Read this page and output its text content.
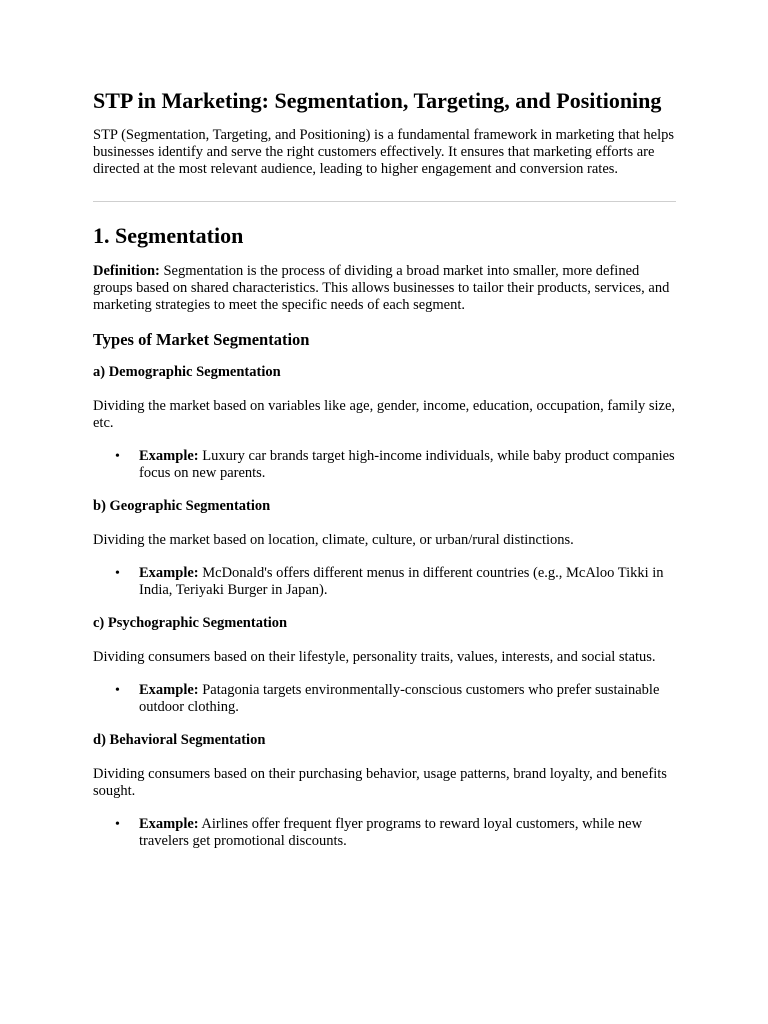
STP in Marketing: Segmentation, Targeting, and Positioning

STP (Segmentation, Targeting, and Positioning) is a fundamental framework in marketing that helps businesses identify and serve the right customers effectively. It ensures that marketing efforts are directed at the most relevant audience, leading to higher engagement and conversion rates.

1. Segmentation

Definition: Segmentation is the process of dividing a broad market into smaller, more defined groups based on shared characteristics. This allows businesses to tailor their products, services, and marketing strategies to meet the specific needs of each segment.

Types of Market Segmentation
a) Demographic Segmentation

Dividing the market based on variables like age, gender, income, education, occupation, family size, etc.

• Example: Luxury car brands target high-income individuals, while baby product companies focus on new parents.
b) Geographic Segmentation

Dividing the market based on location, climate, culture, or urban/rural distinctions.

• Example: McDonald's offers different menus in different countries (e.g., McAloo Tikki in India, Teriyaki Burger in Japan).
c) Psychographic Segmentation

Dividing consumers based on their lifestyle, personality traits, values, interests, and social status.

• Example: Patagonia targets environmentally-conscious customers who prefer sustainable outdoor clothing.
d) Behavioral Segmentation

Dividing consumers based on their purchasing behavior, usage patterns, brand loyalty, and benefits sought.

• Example: Airlines offer frequent flyer programs to reward loyal customers, while new travelers get promotional discounts.
